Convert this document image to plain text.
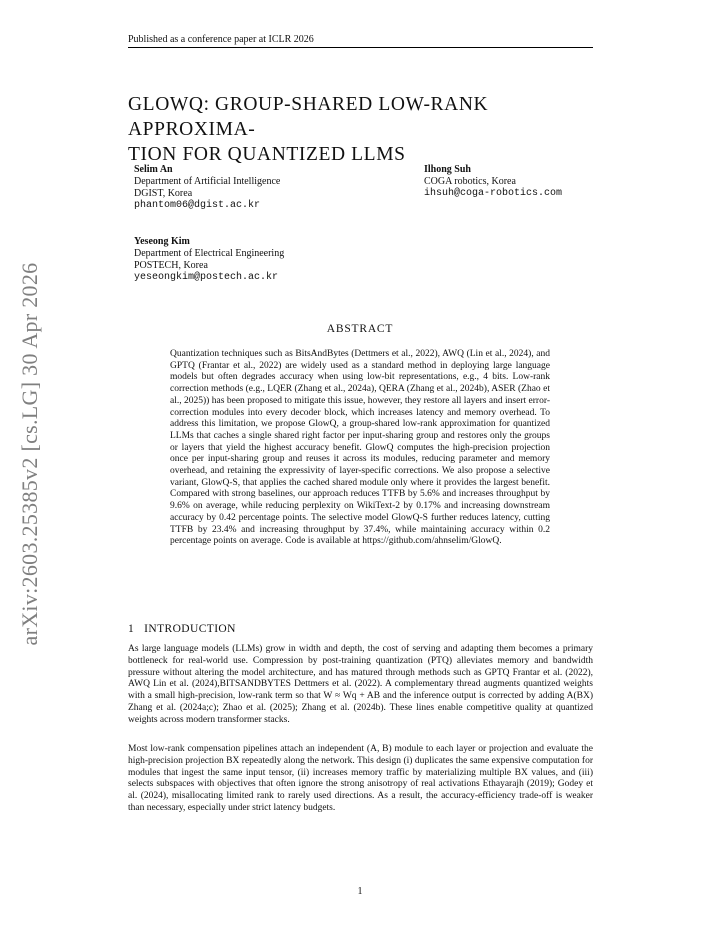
Published as a conference paper at ICLR 2026
arXiv:2603.25385v2 [cs.LG] 30 Apr 2026
GLOWQ: GROUP-SHARED LOW-RANK APPROXIMA-
TION FOR QUANTIZED LLMS
Selim An
Department of Artificial Intelligence
DGIST, Korea
phantom06@dgist.ac.kr
Ilhong Suh
COGA robotics, Korea
ihsuh@coga-robotics.com
Yeseong Kim
Department of Electrical Engineering
POSTECH, Korea
yeseongkim@postech.ac.kr
ABSTRACT

Quantization techniques such as BitsAndBytes (Dettmers et al., 2022), AWQ (Lin et al., 2024), and GPTQ (Frantar et al., 2022) are widely used as a standard method in deploying large language models but often degrades accuracy when using low-bit representations, e.g., 4 bits. Low-rank correction methods (e.g., LQER (Zhang et al., 2024a), QERA (Zhang et al., 2024b), ASER (Zhao et al., 2025)) has been proposed to mitigate this issue, however, they restore all layers and insert error-correction modules into every decoder block, which increases latency and memory overhead. To address this limitation, we propose GlowQ, a group-shared low-rank approximation for quantized LLMs that caches a single shared right factor per input-sharing group and restores only the groups or layers that yield the highest accuracy benefit. GlowQ computes the high-precision projection once per input-sharing group and reuses it across its modules, reducing parameter and memory overhead, and retaining the expressivity of layer-specific corrections. We also propose a selective variant, GlowQ-S, that applies the cached shared module only where it provides the largest benefit. Compared with strong baselines, our approach reduces TTFB by 5.6% and increases throughput by 9.6% on average, while reducing perplexity on WikiText-2 by 0.17% and increasing downstream accuracy by 0.42 percentage points. The selective model GlowQ-S further reduces latency, cutting TTFB by 23.4% and increasing throughput by 37.4%, while maintaining accuracy within 0.2 percentage points on average. Code is available at https://github.com/ahnselim/GlowQ.

1 INTRODUCTION

As large language models (LLMs) grow in width and depth, the cost of serving and adapting them becomes a primary bottleneck for real-world use. Compression by post-training quantization (PTQ) alleviates memory and bandwidth pressure without altering the model architecture, and has matured through methods such as GPTQ Frantar et al. (2022), AWQ Lin et al. (2024),BITSANDBYTES Dettmers et al. (2022). A complementary thread augments quantized weights with a small high-precision, low-rank term so that W ≈ Wq + AB and the inference output is corrected by adding A(BX) Zhang et al. (2024a;c); Zhao et al. (2025); Zhang et al. (2024b). These lines enable competitive quality at quantized weights across modern transformer stacks.

Most low-rank compensation pipelines attach an independent (A, B) module to each layer or projection and evaluate the high-precision projection BX repeatedly along the network. This design (i) duplicates the same expensive computation for modules that ingest the same input tensor, (ii) increases memory traffic by materializing multiple BX values, and (iii) selects subspaces with objectives that often ignore the strong anisotropy of real activations Ethayarajh (2019); Godey et al. (2024), misallocating limited rank to rarely used directions. As a result, the accuracy-efficiency trade-off is weaker than necessary, especially under strict latency budgets.

1
